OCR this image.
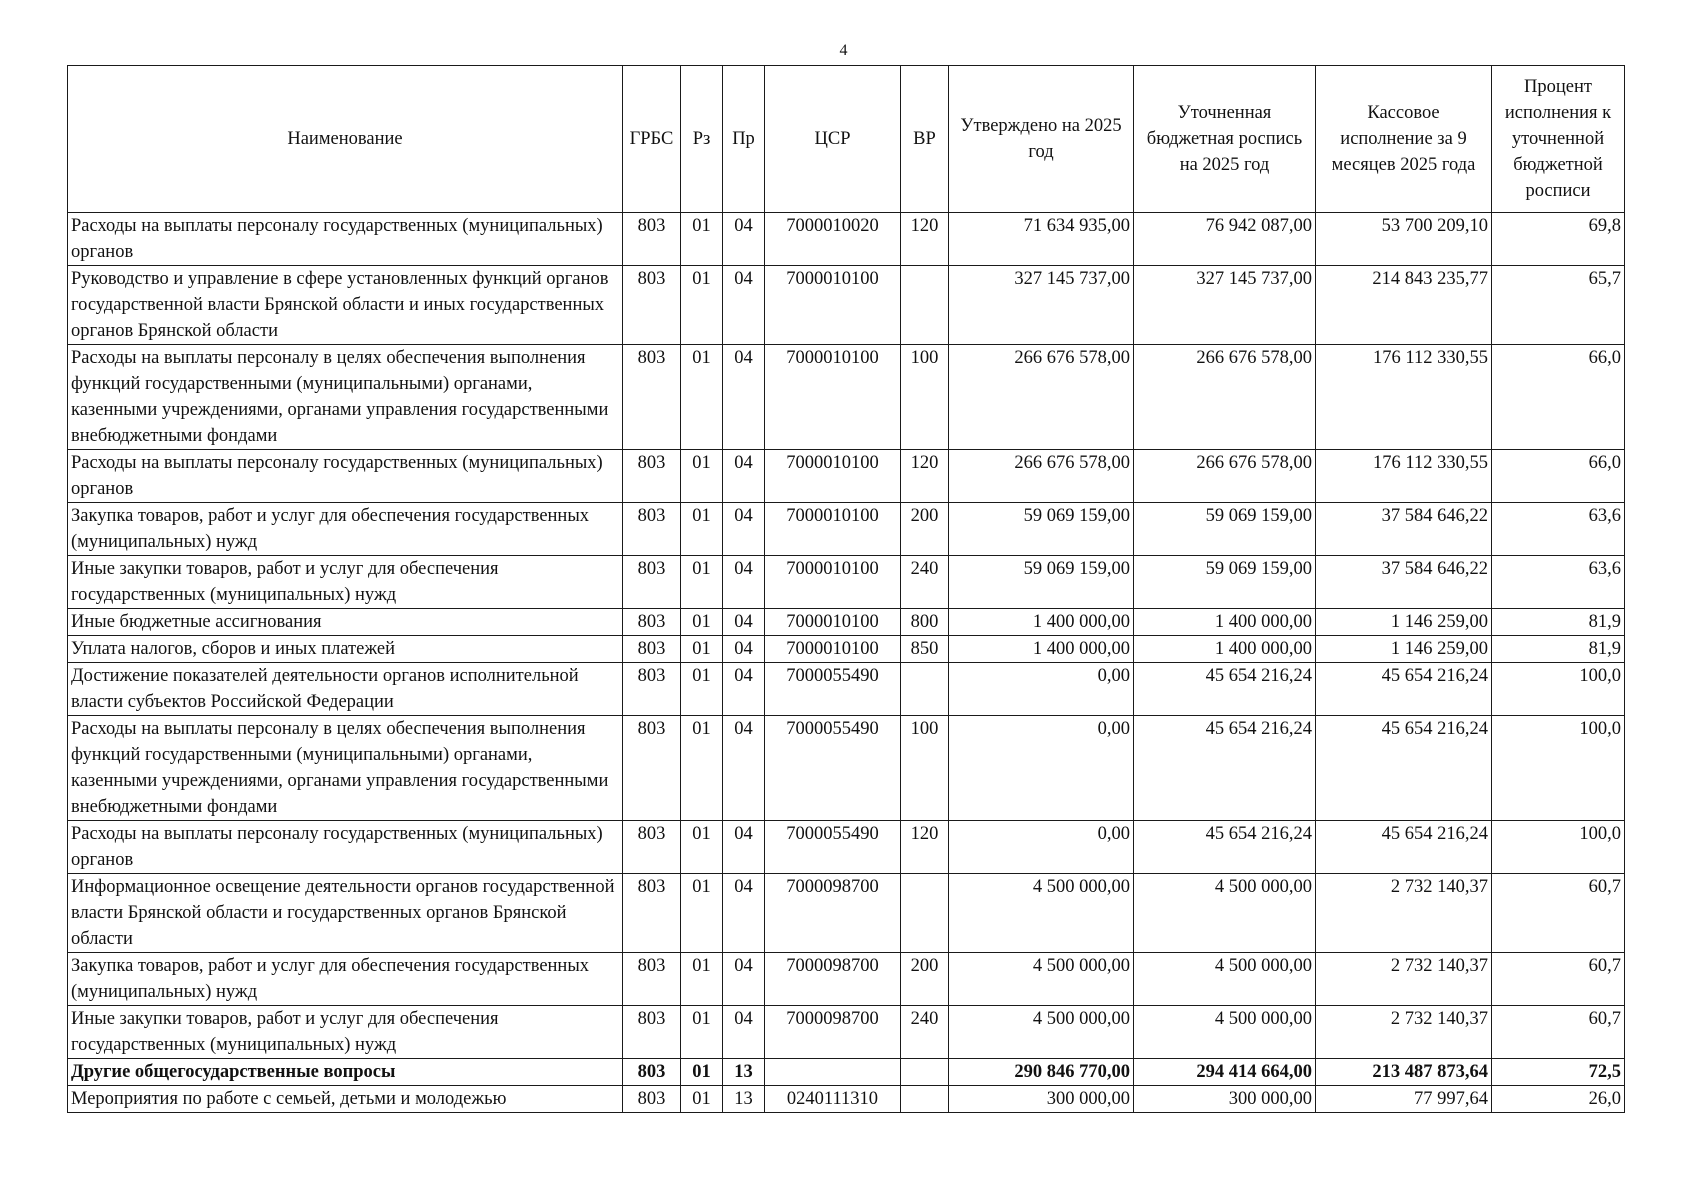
4
Наименование	ГРБС	Рз	Пр	ЦСР	ВР	Утверждено на 2025 год	Уточненная бюджетная роспись на 2025 год	Кассовое исполнение за 9 месяцев 2025 года	Процент исполнения к уточненной бюджетной росписи
Расходы на выплаты персоналу государственных (муниципальных) органов	803	01	04	7000010020	120	71 634 935,00	76 942 087,00	53 700 209,10	69,8
Руководство и управление в сфере установленных функций органов государственной власти Брянской области и иных государственных органов Брянской области	803	01	04	7000010100		327 145 737,00	327 145 737,00	214 843 235,77	65,7
Расходы на выплаты персоналу в целях обеспечения выполнения функций государственными (муниципальными) органами, казенными учреждениями, органами управления государственными внебюджетными фондами	803	01	04	7000010100	100	266 676 578,00	266 676 578,00	176 112 330,55	66,0
Расходы на выплаты персоналу государственных (муниципальных) органов	803	01	04	7000010100	120	266 676 578,00	266 676 578,00	176 112 330,55	66,0
Закупка товаров, работ и услуг для обеспечения государственных (муниципальных) нужд	803	01	04	7000010100	200	59 069 159,00	59 069 159,00	37 584 646,22	63,6
Иные закупки товаров, работ и услуг для обеспечения государственных (муниципальных) нужд	803	01	04	7000010100	240	59 069 159,00	59 069 159,00	37 584 646,22	63,6
Иные бюджетные ассигнования	803	01	04	7000010100	800	1 400 000,00	1 400 000,00	1 146 259,00	81,9
Уплата налогов, сборов и иных платежей	803	01	04	7000010100	850	1 400 000,00	1 400 000,00	1 146 259,00	81,9
Достижение показателей деятельности органов исполнительной власти субъектов Российской Федерации	803	01	04	7000055490		0,00	45 654 216,24	45 654 216,24	100,0
Расходы на выплаты персоналу в целях обеспечения выполнения функций государственными (муниципальными) органами, казенными учреждениями, органами управления государственными внебюджетными фондами	803	01	04	7000055490	100	0,00	45 654 216,24	45 654 216,24	100,0
Расходы на выплаты персоналу государственных (муниципальных) органов	803	01	04	7000055490	120	0,00	45 654 216,24	45 654 216,24	100,0
Информационное освещение деятельности органов государственной власти Брянской области и государственных органов Брянской области	803	01	04	7000098700		4 500 000,00	4 500 000,00	2 732 140,37	60,7
Закупка товаров, работ и услуг для обеспечения государственных (муниципальных) нужд	803	01	04	7000098700	200	4 500 000,00	4 500 000,00	2 732 140,37	60,7
Иные закупки товаров, работ и услуг для обеспечения государственных (муниципальных) нужд	803	01	04	7000098700	240	4 500 000,00	4 500 000,00	2 732 140,37	60,7
Другие общегосударственные вопросы	803	01	13			290 846 770,00	294 414 664,00	213 487 873,64	72,5
Мероприятия по работе с семьей, детьми и молодежью	803	01	13	0240111310		300 000,00	300 000,00	77 997,64	26,0
